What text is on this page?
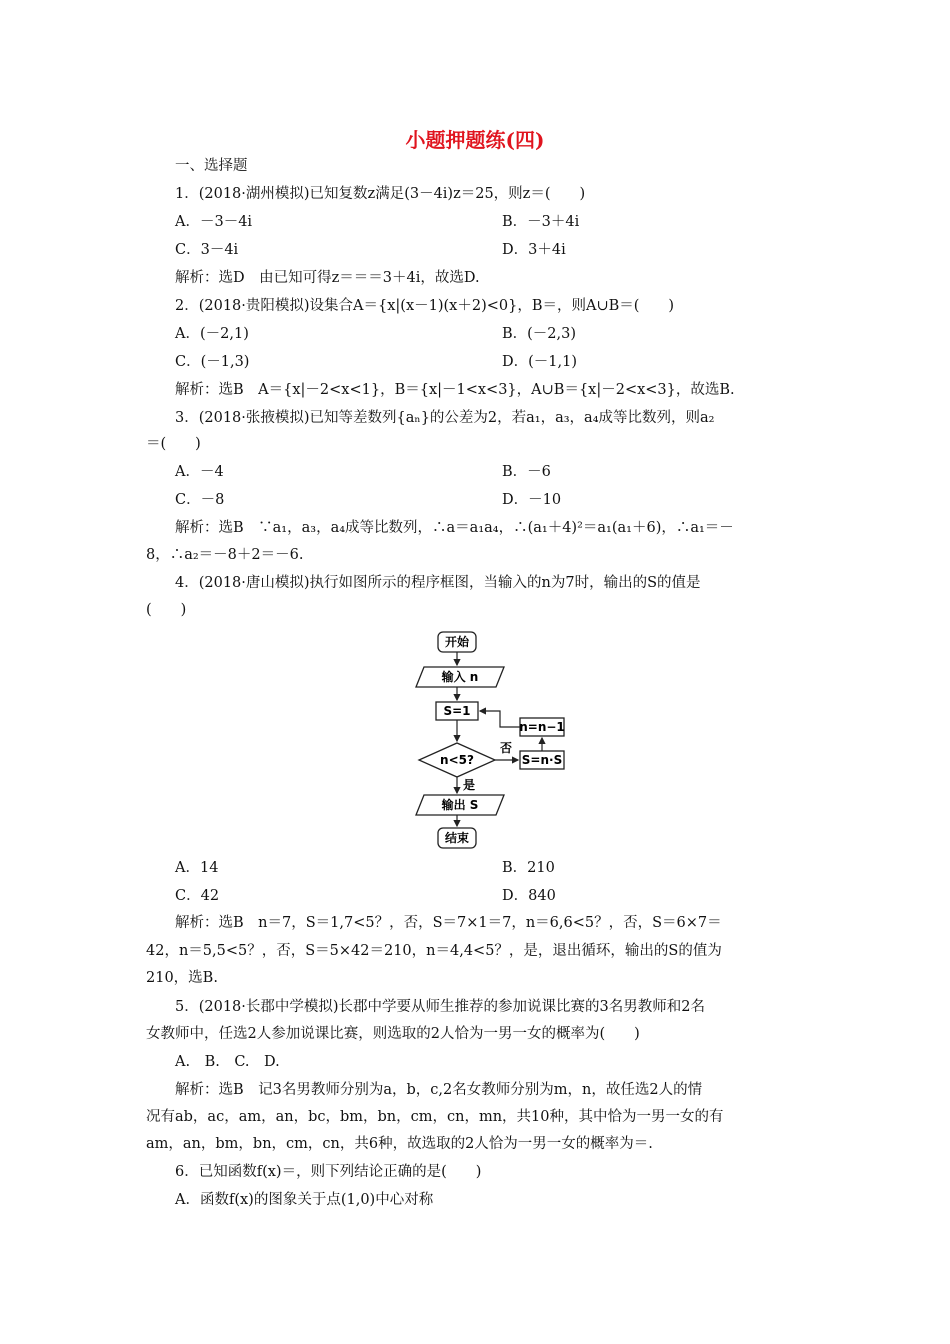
小题押题练(四)
一、选择题
1．(2018·湖州模拟)已知复数z满足(3－4i)z＝25，则z＝(　　)
A．－3－4i	B．－3＋4i
C．3－4i	D．3＋4i
解析：选D　由已知可得z＝＝＝3＋4i，故选D.
2．(2018·贵阳模拟)设集合A＝{x|(x－1)(x＋2)<0}，B＝，则A∪B＝(　　)
A．(－2,1)	B．(－2,3)
C．(－1,3)	D．(－1,1)
解析：选B　A＝{x|－2<x<1}，B＝{x|－1<x<3}，A∪B＝{x|－2<x<3}，故选B.
3．(2018·张掖模拟)已知等差数列{aₙ}的公差为2，若a₁，a₃，a₄成等比数列，则a₂
＝(　　)
A．－4	B．－6
C．－8	D．－10
解析：选B　∵a₁，a₃，a₄成等比数列，∴a＝a₁a₄，∴(a₁＋4)²＝a₁(a₁＋6)，∴a₁＝－
8，∴a₂＝－8＋2＝－6.
4．(2018·唐山模拟)执行如图所示的程序框图，当输入的n为7时，输出的S的值是
(　　)
开始
输入 n
S=1
n<5?
否
S=n·S
n=n−1
是
输出 S
结束
A．14	B．210
C．42	D．840
解析：选B　n＝7，S＝1,7<5？，否，S＝7×1＝7，n＝6,6<5？，否，S＝6×7＝
42，n＝5,5<5？，否，S＝5×42＝210，n＝4,4<5？，是，退出循环，输出的S的值为
210，选B.
5．(2018·长郡中学模拟)长郡中学要从师生推荐的参加说课比赛的3名男教师和2名
女教师中，任选2人参加说课比赛，则选取的2人恰为一男一女的概率为(　　)
A.　B.　C.　D.
解析：选B　记3名男教师分别为a，b，c,2名女教师分别为m，n，故任选2人的情
况有ab，ac，am，an，bc，bm，bn，cm，cn，mn，共10种，其中恰为一男一女的有
am，an，bm，bn，cm，cn，共6种，故选取的2人恰为一男一女的概率为＝.
6．已知函数f(x)＝，则下列结论正确的是(　　)
A．函数f(x)的图象关于点(1,0)中心对称
